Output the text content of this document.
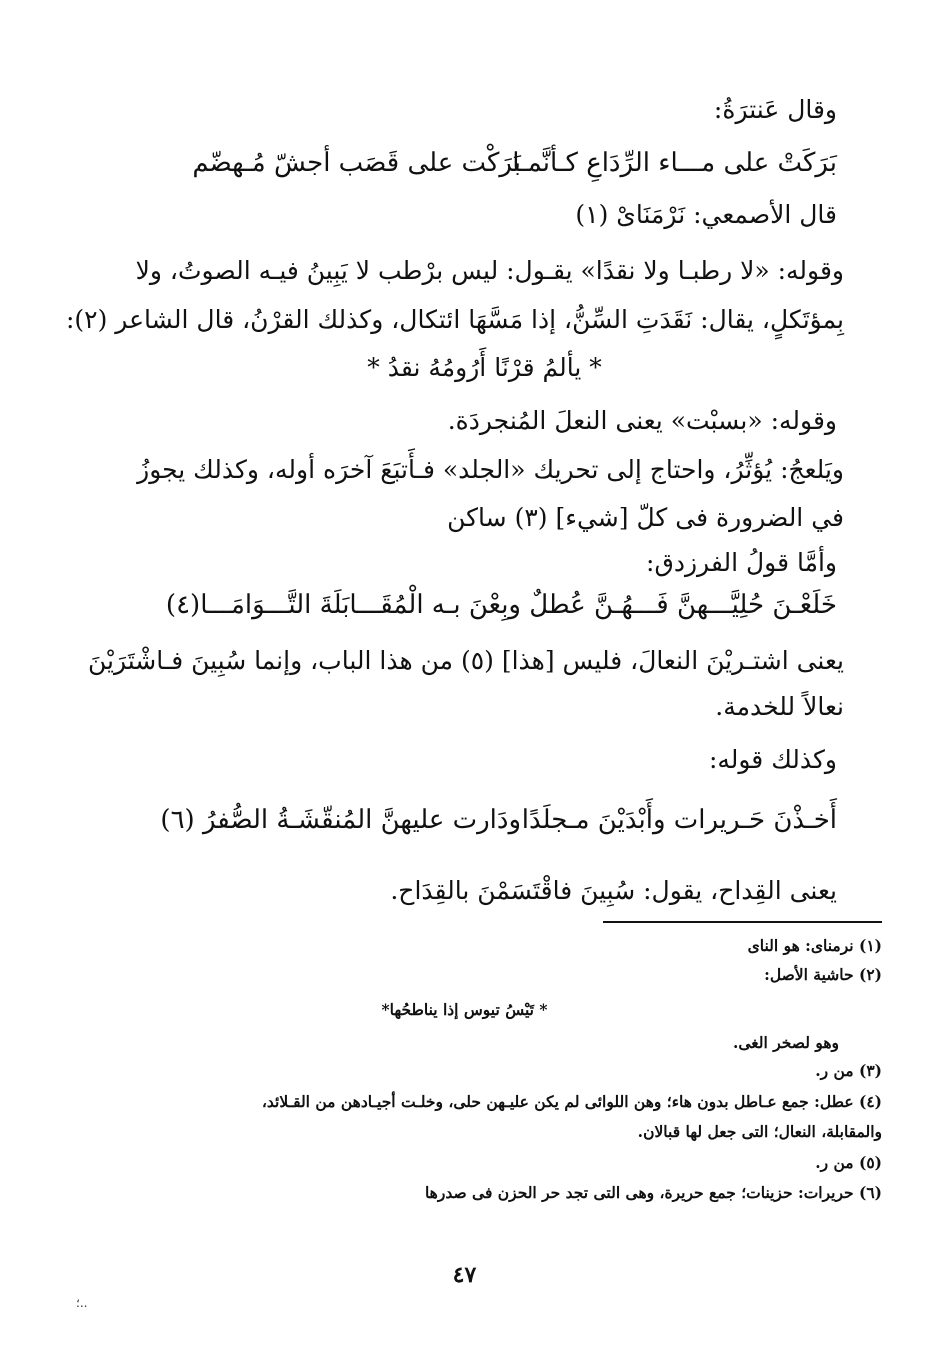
وقال عَنترَةُ:
بَرَكَتْ على مـــاء الرِّدَاعِ كـأنَّمـا
بَرَكْت على قَصَب أجشّ مُـهضّم
قال الأصمعي: نَرْمَنَاىْ (١)
وقوله: «لا رطبـا ولا نقدًا» يقـول: ليس برْطب لا يَبِينُ فيـه الصوتُ، ولا
بِمؤتَكلٍ، يقال: نَقَدَتِ السِّنُّ، إذا مَسَّهَا ائتكال، وكذلك القرْنُ، قال الشاعر (٢):
* يألمُ قرْنًا أَرُومُهُ نقدُ *
وقوله: «بسبْت» يعنى النعلَ المُنجردَة.
ويَلعجُ: يُؤثِّرُ، واحتاج إلى تحريك «الجلد» فـأَتبَعَ آخرَه أوله، وكذلك يجوزُ
في الضرورة فى كلّ [شيء] (٣) ساكن
وأمَّا قولُ الفرزدق:
خَلَعْـنَ حُلِيَّـــهنَّ فَـــهُـنَّ عُطلٌ
وبِعْنَ بـه الْمُقَـــابَلَةَ التَّـــوَامَـــا(٤)
يعنى اشتـريْنَ النعالَ، فليس [هذا] (٥) من هذا الباب، وإنما سُبِينَ فـاشْتَرَيْنَ
نعالاً للخدمة.
وكذلك قوله:
أَخـذْنَ حَـريرات وأَبْدَيْنَ مـجلَدًا
ودَارت عليهنَّ المُنقّشَـةُ الصُّفرُ (٦)
يعنى القِداح، يقول: سُبِينَ فاقْتَسَمْنَ بالقِدَاح.
(١) نرمناى: هو الناى
(٢) حاشية الأصل:
* تَيْسُ تيوس إذا يناطحُها*
وهو لصخر الغى.
(٣) من ر.
(٤) عطل: جمع عـاطل بدون هاء؛ وهن اللوائى لم يكن عليـهن حلى، وخلـت أجيـادهن من القـلائد،
والمقابلة، النعال؛ التى جعل لها قبالان.
(٥) من ر.
(٦) حريرات: حزينات؛ جمع حريرة، وهى التى تجد حر الحزن فى صدرها
٤٧
؛..
